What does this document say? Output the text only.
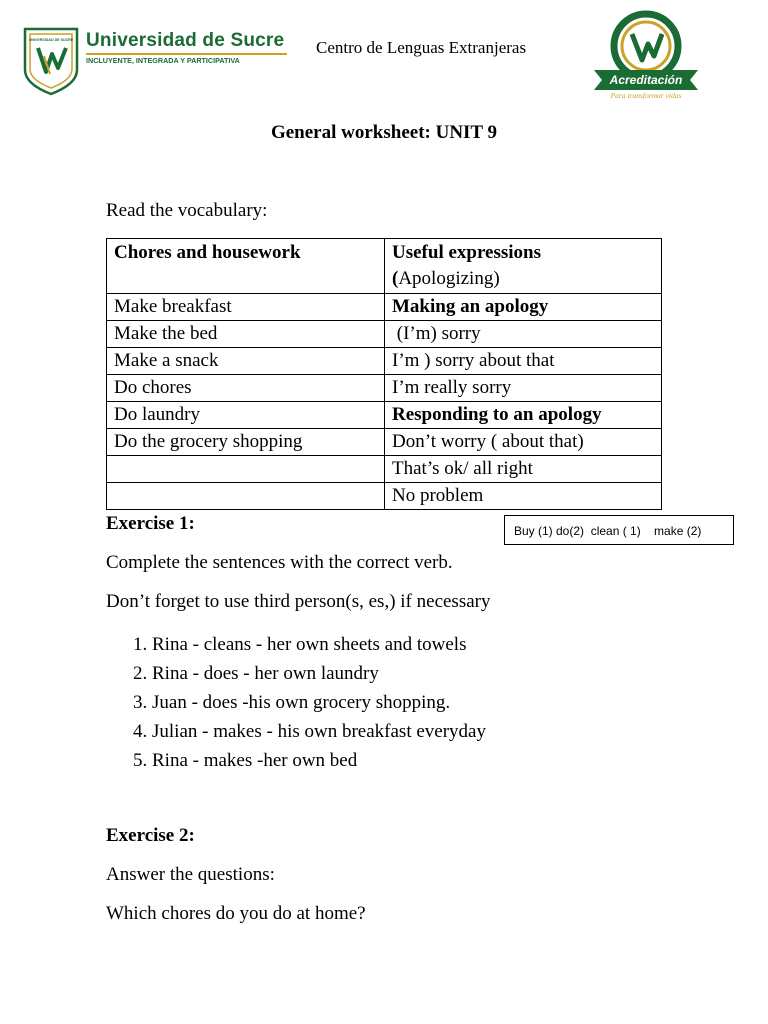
UNIVERSIDAD DE SUCRE Universidad de Sucre
INCLUYENTE, INTEGRADA Y PARTICIPATIVA
Centro de Lenguas Extranjeras
Acreditación
Para transformar vidas
General worksheet: UNIT 9
Read the vocabulary:
Chores and housework	Useful expressions
(Apologizing)
Make breakfast	Making an apology
Make the bed	(I’m) sorry
Make a snack	I’m ) sorry about that
Do chores	I’m really sorry
Do laundry	Responding to an apology
Do the grocery shopping	Don’t worry ( about that)
	That’s ok/ all right
	No problem
Exercise 1:	Buy (1) do(2)  clean ( 1)    make (2)
Complete the sentences with the correct verb.
Don’t forget to use third person(s, es,) if necessary
1. Rina - cleans - her own sheets and towels
2. Rina - does - her own laundry
3. Juan - does -his own grocery shopping.
4. Julian - makes - his own breakfast everyday
5. Rina - makes -her own bed
Exercise 2:
Answer the questions:
Which chores do you do at home?
